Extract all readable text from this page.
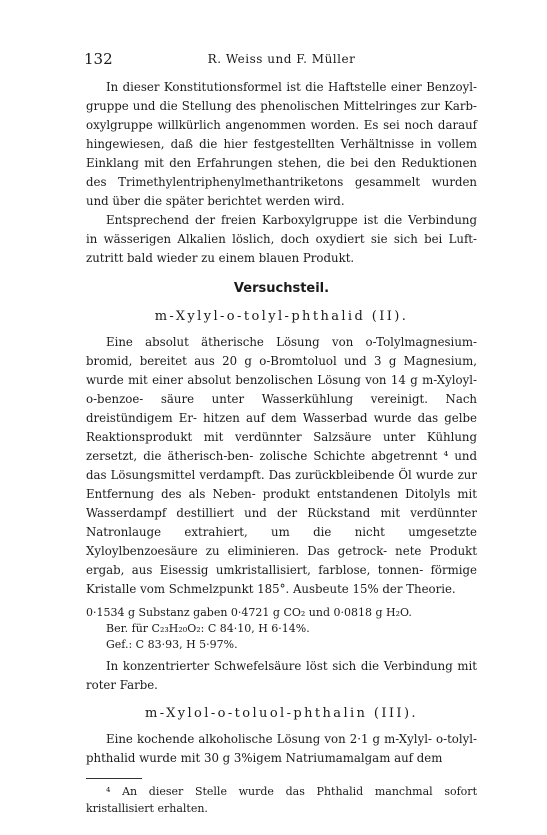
132	R. Weiss und F. Müller

In dieser Konstitutionsformel ist die Haftstelle einer Benzoyl- gruppe und die Stellung des phenolischen Mittelringes zur Karb- oxylgruppe willkürlich angenommen worden. Es sei noch darauf hingewiesen, daß die hier festgestellten Verhältnisse in vollem Einklang mit den Erfahrungen stehen, die bei den Reduktionen des Trimethylentriphenylmethantriketons gesammelt wurden und über die später berichtet werden wird.

Entsprechend der freien Karboxylgruppe ist die Verbindung in wässerigen Alkalien löslich, doch oxydiert sie sich bei Luft- zutritt bald wieder zu einem blauen Produkt.

Versuchsteil.

m-Xylyl-o-tolyl-phthalid (II).

Eine absolut ätherische Lösung von o-Tolylmagnesium- bromid, bereitet aus 20 g o-Bromtoluol und 3 g Magnesium, wurde mit einer absolut benzolischen Lösung von 14 g m-Xyloyl-o-benzoe- säure unter Wasserkühlung vereinigt. Nach dreistündigem Er- hitzen auf dem Wasserbad wurde das gelbe Reaktionsprodukt mit verdünnter Salzsäure unter Kühlung zersetzt, die ätherisch-ben- zolische Schichte abgetrennt ⁴ und das Lösungsmittel verdampft. Das zurückbleibende Öl wurde zur Entfernung des als Neben- produkt entstandenen Ditolyls mit Wasserdampf destilliert und der Rückstand mit verdünnter Natronlauge extrahiert, um die nicht umgesetzte Xyloylbenzoesäure zu eliminieren. Das getrock- nete Produkt ergab, aus Eisessig umkristallisiert, farblose, tonnen- förmige Kristalle vom Schmelzpunkt 185°. Ausbeute 15% der Theorie.

0·1534 g Substanz gaben 0·4721 g CO₂ und 0·0818 g H₂O.

Ber. für C₂₃H₂₀O₂: C 84·10, H 6·14%.

Gef.: C 83·93, H 5·97%.

In konzentrierter Schwefelsäure löst sich die Verbindung mit roter Farbe.

m-Xylol-o-toluol-phthalin (III).

Eine kochende alkoholische Lösung von 2·1 g m-Xylyl- o-tolyl-phthalid wurde mit 30 g 3%igem Natriumamalgam auf dem

⁴ An dieser Stelle wurde das Phthalid manchmal sofort kristallisiert erhalten.
